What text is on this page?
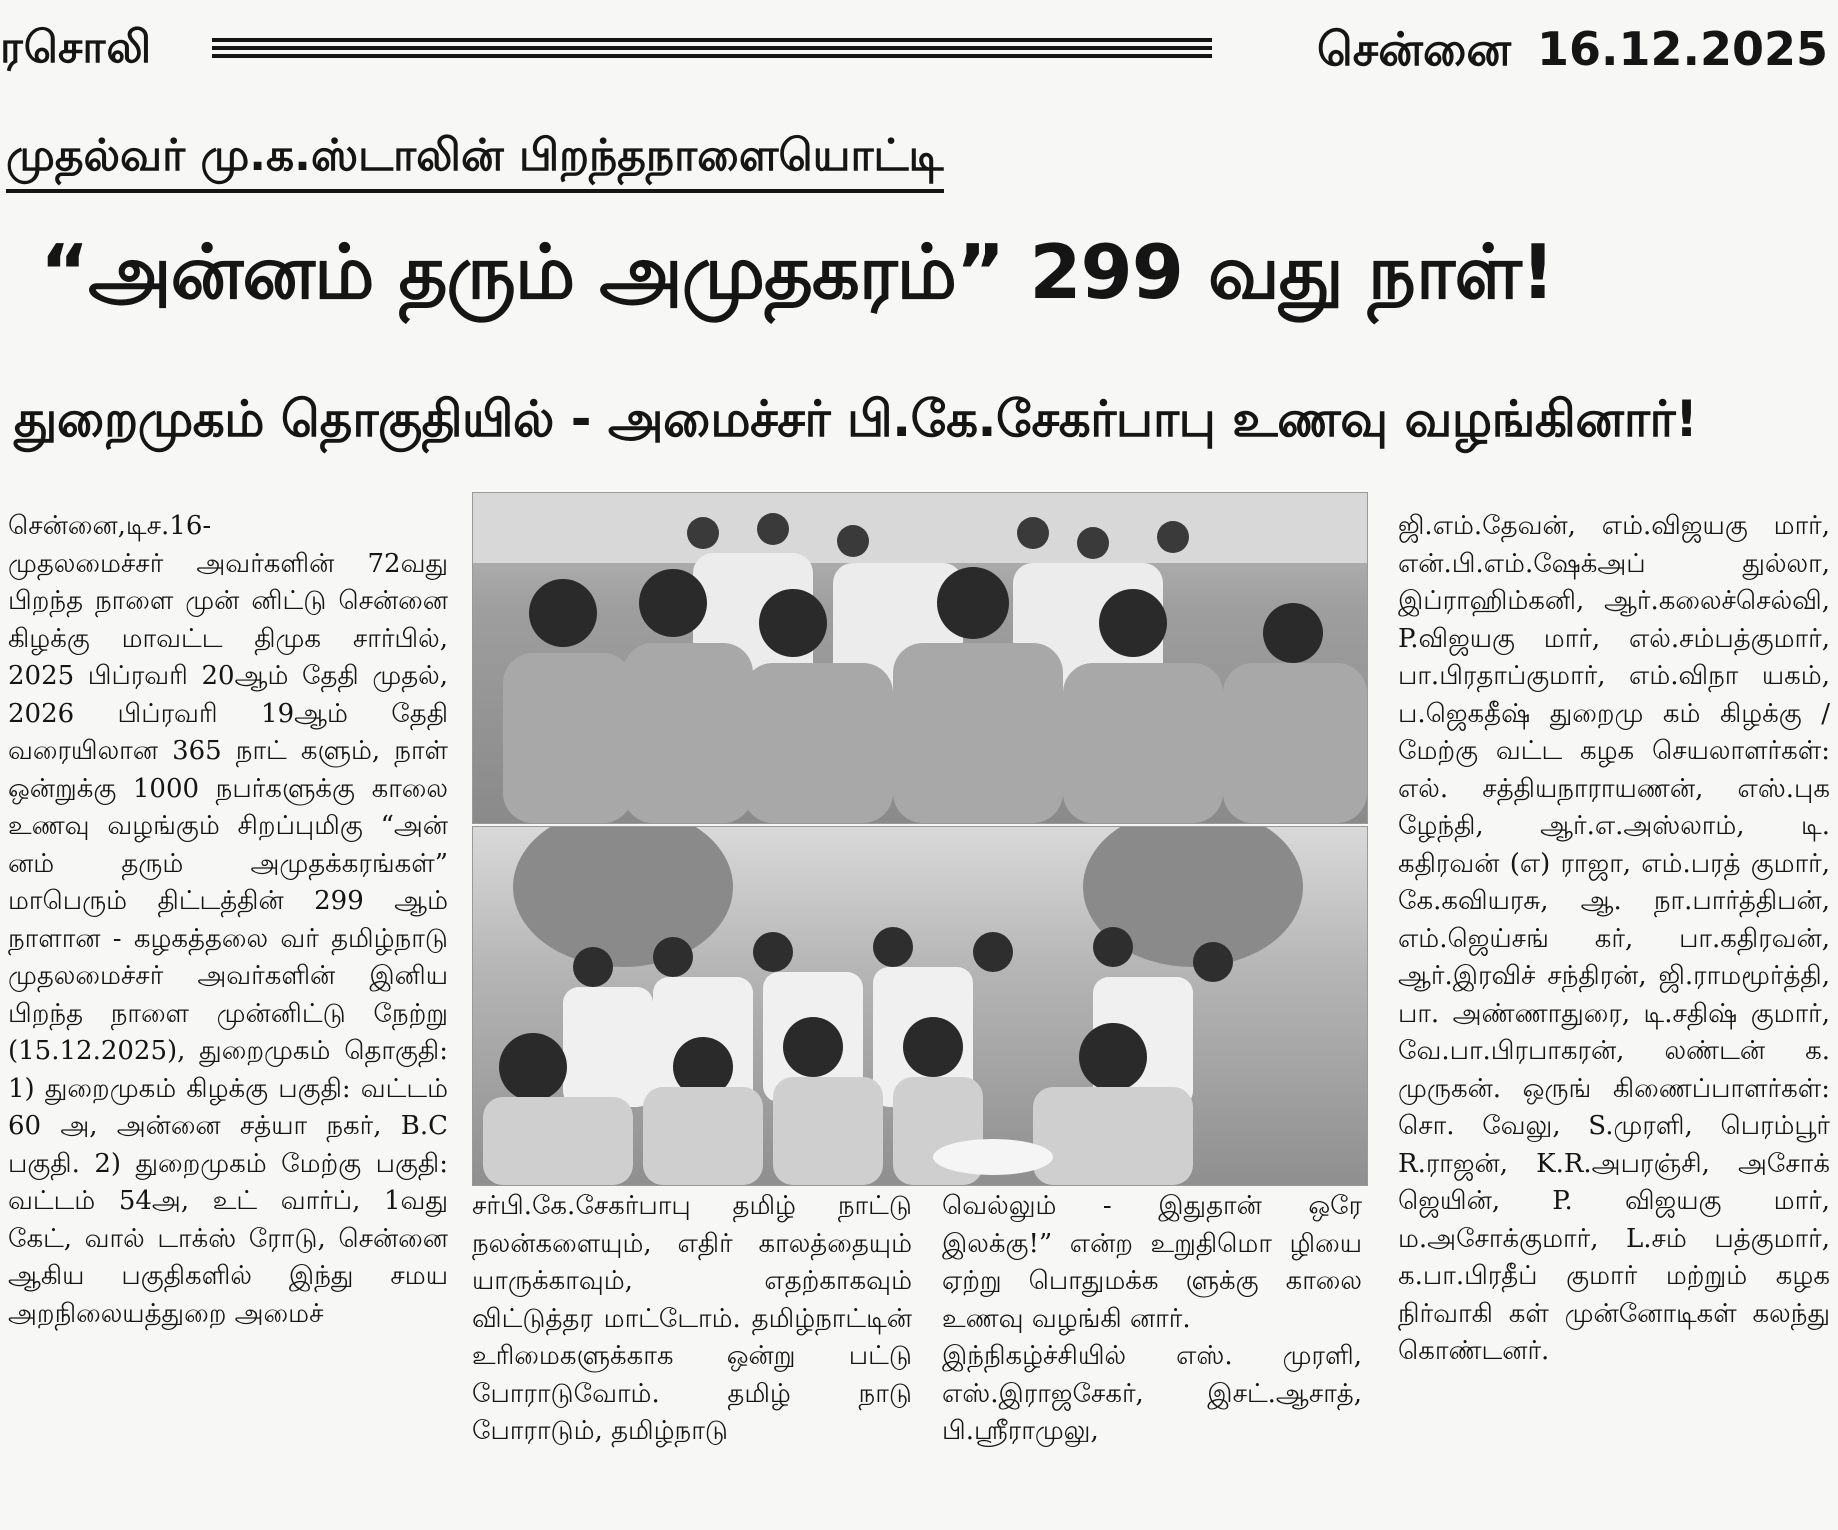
ரசொலி	சென்னை 16.12.2025
முதல்வர் மு.க.ஸ்டாலின் பிறந்தநாளையொட்டி
“அன்னம் தரும் அமுதகரம்” 299 வது நாள்!
துறைமுகம் தொகுதியில் - அமைச்சர் பி.கே.சேகர்பாபு உணவு வழங்கினார்!
சென்னை,டிச.16-
முதலமைச்சர் அவர்களின் 72வது பிறந்த நாளை முன் னிட்டு சென்னை கிழக்கு மாவட்ட திமுக சார்பில், 2025 பிப்ரவரி 20ஆம் தேதி முதல், 2026 பிப்ரவரி 19ஆம் தேதி வரையிலான 365 நாட் களும், நாள் ஒன்றுக்கு 1000 நபர்களுக்கு காலை உணவு வழங்கும் சிறப்புமிகு “அன் னம் தரும் அமுதக்கரங்கள்” மாபெரும் திட்டத்தின் 299 ஆம் நாளான - கழகத்தலை வர் தமிழ்நாடு முதலமைச்சர் அவர்களின் இனிய பிறந்த நாளை முன்னிட்டு நேற்று (15.12.2025), துறைமுகம் தொகுதி: 1) துறைமுகம் கிழக்கு பகுதி: வட்டம் 60 அ, அன்னை சத்யா நகர், B.C பகுதி. 2) துறைமுகம் மேற்கு பகுதி: வட்டம் 54அ, உட் வார்ப், 1வது கேட், வால் டாக்ஸ் ரோடு, சென்னை ஆகிய பகுதிகளில் இந்து சமய அறநிலையத்துறை அமைச்
சர்பி.கே.சேகர்பாபு தமிழ் நாட்டு நலன்களையும், எதிர் காலத்தையும் யாருக்காவும், எதற்காகவும் விட்டுத்தர மாட்டோம். தமிழ்நாட்டின் உரிமைகளுக்காக ஒன்று பட்டு போராடுவோம். தமிழ் நாடு போராடும், தமிழ்நாடு
வெல்லும் - இதுதான் ஒரே இலக்கு!” என்ற உறுதிமொ ழியை ஏற்று பொதுமக்க ளுக்கு காலை உணவு வழங்கி னார்.
இந்நிகழ்ச்சியில் எஸ். முரளி, எஸ்.இராஜசேகர், இசட்.ஆசாத், பி.ஸ்ரீராமுலு,
ஜி.எம்.தேவன், எம்.விஜயகு மார், என்.பி.எம்.ஷேக்அப் துல்லா, இப்ராஹிம்கனி, ஆர்.கலைச்செல்வி, P.விஜயகு மார், எல்.சம்பத்குமார், பா.பிரதாப்குமார், எம்.விநா யகம், ப.ஜெகதீஷ் துறைமு கம் கிழக்கு / மேற்கு வட்ட கழக செயலாளர்கள்: எல். சத்தியநாராயணன், எஸ்.புக ழேந்தி, ஆர்.எ.அஸ்லாம், டி. கதிரவன் (எ) ராஜா, எம்.பரத் குமார், கே.கவியரசு, ஆ. நா.பார்த்திபன், எம்.ஜெய்சங் கர், பா.கதிரவன், ஆர்.இரவிச் சந்திரன், ஜி.ராமமூர்த்தி, பா. அண்ணாதுரை, டி.சதிஷ் குமார், வே.பா.பிரபாகரன், லண்டன் க. முருகன். ஒருங் கிணைப்பாளர்கள்: சொ. வேலு, S.முரளி, பெரம்பூர் R.ராஜன், K.R.அபரஞ்சி, அசோக் ஜெயின், P. விஜயகு மார், ம.அசோக்குமார், L.சம் பத்குமார், க.பா.பிரதீப் குமார் மற்றும் கழக நிர்வாகி கள் முன்னோடிகள் கலந்து கொண்டனர்.
